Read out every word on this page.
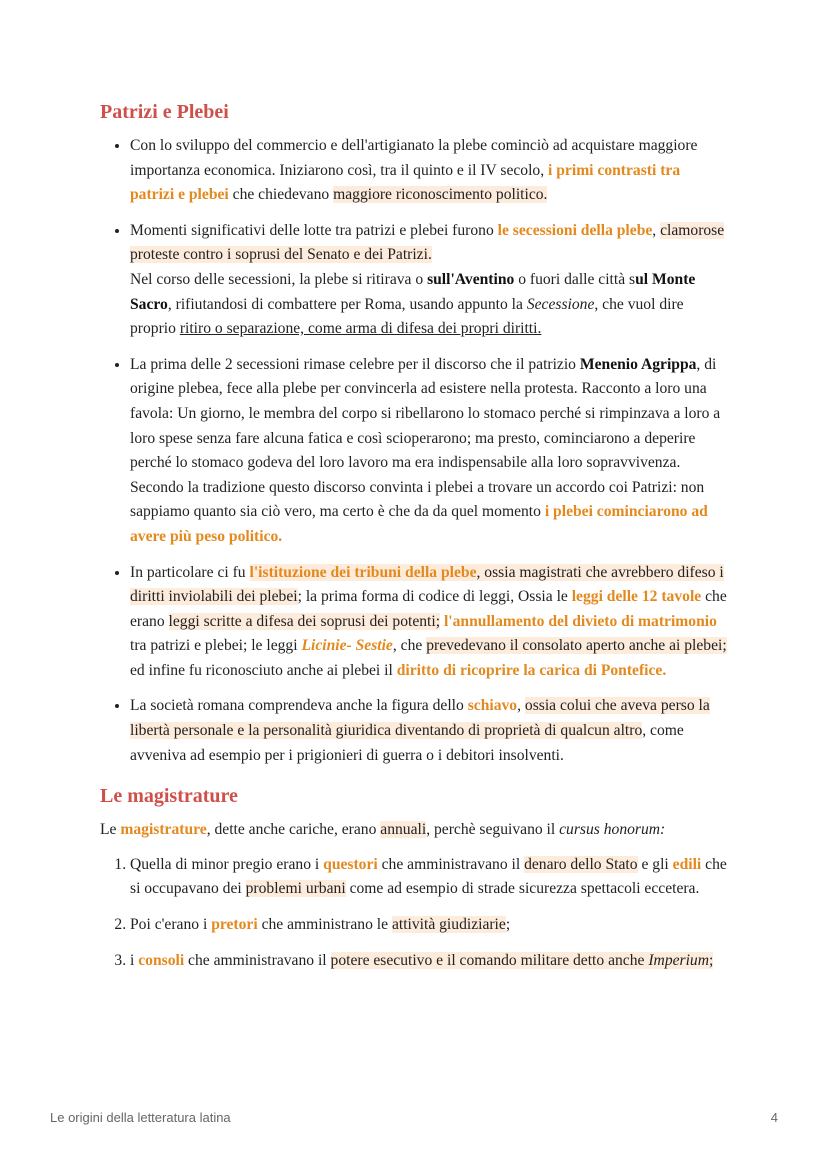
Patrizi e Plebei
• Con lo sviluppo del commercio e dell'artigianato la plebe cominciò ad acquistare maggiore importanza economica. Iniziarono così, tra il quinto e il IV secolo, i primi contrasti tra patrizi e plebei che chiedevano maggiore riconoscimento politico.
• Momenti significativi delle lotte tra patrizi e plebei furono le secessioni della plebe, clamorose proteste contro i soprusi del Senato e dei Patrizi.
Nel corso delle secessioni, la plebe si ritirava o sull'Aventino o fuori dalle città sul Monte Sacro, rifiutandosi di combattere per Roma, usando appunto la Secessione, che vuol dire proprio ritiro o separazione, come arma di difesa dei propri diritti.
• La prima delle 2 secessioni rimase celebre per il discorso che il patrizio Menenio Agrippa, di origine plebea, fece alla plebe per convincerla ad esistere nella protesta. Racconto a loro una favola: Un giorno, le membra del corpo si ribellarono lo stomaco perché si rimpinzava a loro a loro spese senza fare alcuna fatica e così scioperarono; ma presto, cominciarono a deperire perché lo stomaco godeva del loro lavoro ma era indispensabile alla loro sopravvivenza. Secondo la tradizione questo discorso convinta i plebei a trovare un accordo coi Patrizi: non sappiamo quanto sia ciò vero, ma certo è che da da quel momento i plebei cominciarono ad avere più peso politico.
• In particolare ci fu l'istituzione dei tribuni della plebe, ossia magistrati che avrebbero difeso i diritti inviolabili dei plebei; la prima forma di codice di leggi, Ossia le leggi delle 12 tavole che erano leggi scritte a difesa dei soprusi dei potenti; l'annullamento del divieto di matrimonio tra patrizi e plebei; le leggi Licinie- Sestie, che prevedevano il consolato aperto anche ai plebei; ed infine fu riconosciuto anche ai plebei il diritto di ricoprire la carica di Pontefice.
• La società romana comprendeva anche la figura dello schiavo, ossia colui che aveva perso la libertà personale e la personalità giuridica diventando di proprietà di qualcun altro, come avveniva ad esempio per i prigionieri di guerra o i debitori insolventi.
Le magistrature

Le magistrature, dette anche cariche, erano annuali, perchè seguivano il cursus honorum:

1. Quella di minor pregio erano i questori che amministravano il denaro dello Stato e gli edili che si occupavano dei problemi urbani come ad esempio di strade sicurezza spettacoli eccetera.
2. Poi c'erano i pretori che amministrano le attività giudiziarie;
3. i consoli che amministravano il potere esecutivo e il comando militare detto anche Imperium;
Le origini della letteratura latina	4
